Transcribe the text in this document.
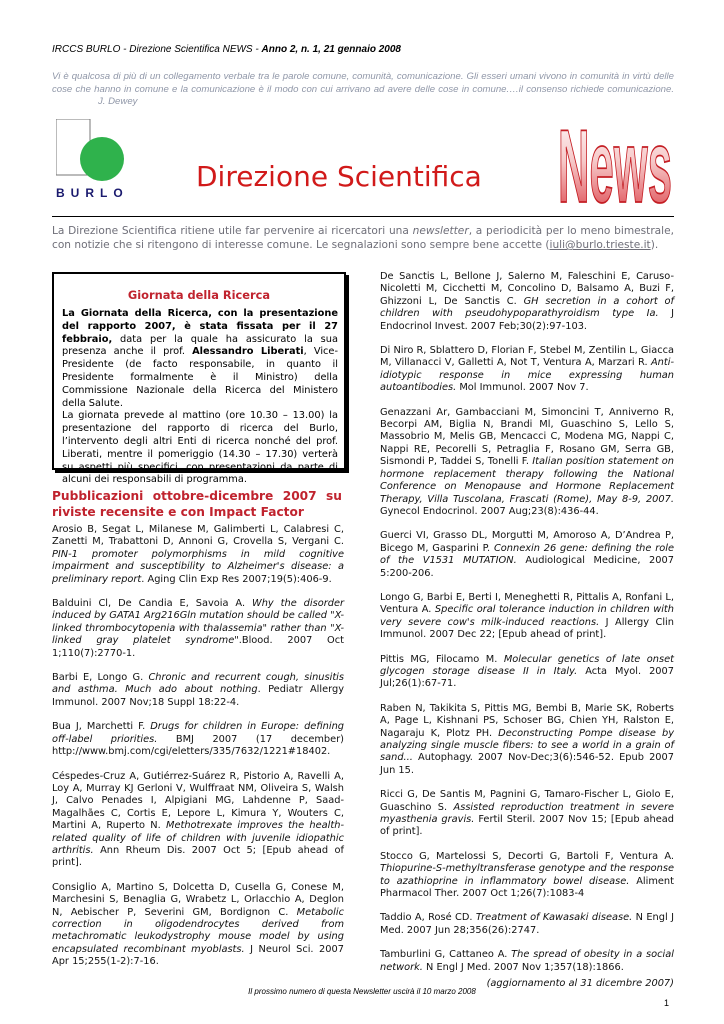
IRCCS BURLO - Direzione Scientifica NEWS - Anno 2, n. 1, 21 gennaio 2008
Vi è qualcosa di più di un collegamento verbale tra le parole comune, comunità, comunicazione. Gli esseri umani vivono in comunità in virtù delle cose che hanno in comune e la comunicazione è il modo con cui arrivano ad avere delle cose in comune.…il consenso richiede comunicazione.J. Dewey
BURLO Direzione Scientifica News
La Direzione Scientifica ritiene utile far pervenire ai ricercatori una newsletter, a periodicità per lo meno bimestrale, con notizie che si ritengono di interesse comune. Le segnalazioni sono sempre bene accette (iuli@burlo.trieste.it).
Giornata della Ricerca
La Giornata della Ricerca, con la presentazione del rapporto 2007, è stata fissata per il 27 febbraio, data per la quale ha assicurato la sua presenza anche il prof. Alessandro Liberati, Vice-Presidente (de facto responsabile, in quanto il Presidente formalmente è il Ministro) della Commissione Nazionale della Ricerca del Ministero della Salute.
La giornata prevede al mattino (ore 10.30 – 13.00) la presentazione del rapporto di ricerca del Burlo, l’intervento degli altri Enti di ricerca nonché del prof. Liberati, mentre il pomeriggio (14.30 – 17.30) verterà su aspetti più specifici, con presentazioni da parte di alcuni dei responsabili di programma.
Pubblicazioni ottobre-dicembre 2007 su riviste recensite e con Impact Factor

Arosio B, Segat L, Milanese M, Galimberti L, Calabresi C, Zanetti M, Trabattoni D, Annoni G, Crovella S, Vergani C. PIN-1 promoter polymorphisms in mild cognitive impairment and susceptibility to Alzheimer's disease: a preliminary report. Aging Clin Exp Res 2007;19(5):406-9.

Balduini Cl, De Candia E, Savoia A. Why the disorder induced by GATA1 Arg216Gln mutation should be called "X-linked thrombocytopenia with thalassemia" rather than "X-linked gray platelet syndrome".Blood. 2007 Oct 1;110(7):2770-1.

Barbi E, Longo G. Chronic and recurrent cough, sinusitis and asthma. Much ado about nothing. Pediatr Allergy Immunol. 2007 Nov;18 Suppl 18:22-4.

Bua J, Marchetti F. Drugs for children in Europe: defining off-label priorities. BMJ 2007 (17 december) http://www.bmj.com/cgi/eletters/335/7632/1221#18402.

Céspedes-Cruz A, Gutiérrez-Suárez R, Pistorio A, Ravelli A, Loy A, Murray KJ Gerloni V, Wulffraat NM, Oliveira S, Walsh J, Calvo Penades I, Alpigiani MG, Lahdenne P, Saad-Magalhães C, Cortis E, Lepore L, Kimura Y, Wouters C, Martini A, Ruperto N. Methotrexate improves the health-related quality of life of children with juvenile idiopathic arthritis. Ann Rheum Dis. 2007 Oct 5; [Epub ahead of print].

Consiglio A, Martino S, Dolcetta D, Cusella G, Conese M, Marchesini S, Benaglia G, Wrabetz L, Orlacchio A, Deglon N, Aebischer P, Severini GM, Bordignon C. Metabolic correction in oligodendrocytes derived from metachromatic leukodystrophy mouse model by using encapsulated recombinant myoblasts. J Neurol Sci. 2007 Apr 15;255(1-2):7-16.

De Sanctis L, Bellone J, Salerno M, Faleschini E, Caruso-Nicoletti M, Cicchetti M, Concolino D, Balsamo A, Buzi F, Ghizzoni L, De Sanctis C. GH secretion in a cohort of children with pseudohypoparathyroidism type Ia. J Endocrinol Invest. 2007 Feb;30(2):97-103.

Di Niro R, Sblattero D, Florian F, Stebel M, Zentilin L, Giacca M, Villanacci V, Galletti A, Not T, Ventura A, Marzari R. Anti-idiotypic response in mice expressing human autoantibodies. Mol Immunol. 2007 Nov 7.

Genazzani Ar, Gambacciani M, Simoncini T, Anniverno R, Becorpi AM, Biglia N, Brandi Ml, Guaschino S, Lello S, Massobrio M, Melis GB, Mencacci C, Modena MG, Nappi C, Nappi RE, Pecorelli S, Petraglia F, Rosano GM, Serra GB, Sismondi P, Taddei S, Tonelli F. Italian position statement on hormone replacement therapy following the National Conference on Menopause and Hormone Replacement Therapy, Villa Tuscolana, Frascati (Rome), May 8-9, 2007. Gynecol Endocrinol. 2007 Aug;23(8):436-44.

Guerci VI, Grasso DL, Morgutti M, Amoroso A, D’Andrea P, Bicego M, Gasparini P. Connexin 26 gene: defining the role of the V1531 MUTATION. Audiological Medicine, 2007 5:200-206.

Longo G, Barbi E, Berti I, Meneghetti R, Pittalis A, Ronfani L, Ventura A. Specific oral tolerance induction in children with very severe cow's milk-induced reactions. J Allergy Clin Immunol. 2007 Dec 22; [Epub ahead of print].

Pittis MG, Filocamo M. Molecular genetics of late onset glycogen storage disease II in Italy. Acta Myol. 2007 Jul;26(1):67-71.

Raben N, Takikita S, Pittis MG, Bembi B, Marie SK, Roberts A, Page L, Kishnani PS, Schoser BG, Chien YH, Ralston E, Nagaraju K, Plotz PH. Deconstructing Pompe disease by analyzing single muscle fibers: to see a world in a grain of sand... Autophagy. 2007 Nov-Dec;3(6):546-52. Epub 2007 Jun 15.

Ricci G, De Santis M, Pagnini G, Tamaro-Fischer L, Giolo E, Guaschino S. Assisted reproduction treatment in severe myasthenia gravis. Fertil Steril. 2007 Nov 15; [Epub ahead of print].

Stocco G, Martelossi S, Decorti G, Bartoli F, Ventura A. Thiopurine-S-methyltransferase genotype and the response to azathioprine in inflammatory bowel disease. Aliment Pharmacol Ther. 2007 Oct 1;26(7):1083-4

Taddio A, Rosé CD. Treatment of Kawasaki disease. N Engl J Med. 2007 Jun 28;356(26):2747.

Tamburlini G, Cattaneo A. The spread of obesity in a social network. N Engl J Med. 2007 Nov 1;357(18):1866.

(aggiornamento al 31 dicembre 2007)

Il prossimo numero di questa Newsletter uscirà il 10 marzo 2008
1
